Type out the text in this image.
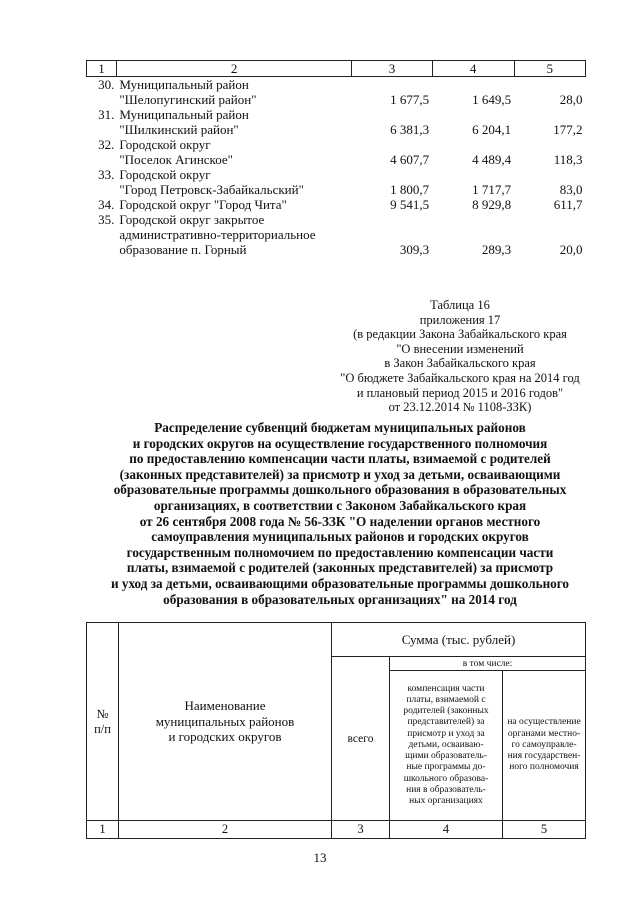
1	2	3	4	5
30.	Муниципальный район
"Шелопугинский район"	1 677,5	1 649,5	28,0
31.	Муниципальный район
"Шилкинский район"	6 381,3	6 204,1	177,2
32.	Городской округ
"Поселок Агинское"	4 607,7	4 489,4	118,3
33.	Городской округ
"Город Петровск-Забайкальский"	1 800,7	1 717,7	83,0
34.	Городской округ "Город Чита"	9 541,5	8 929,8	611,7
35.	Городской округ закрытое
административно-территориальное
образование п. Горный	309,3	289,3	20,0
Таблица 16
приложения 17
(в редакции Закона Забайкальского края
"О внесении изменений
в Закон Забайкальского края
"О бюджете Забайкальского края на 2014 год
и плановый период 2015 и 2016 годов"
от 23.12.2014 № 1108-ЗЗК)
Распределение субвенций бюджетам муниципальных районов
и городских округов на осуществление государственного полномочия
по предоставлению компенсации части платы, взимаемой с родителей
(законных представителей) за присмотр и уход за детьми, осваивающими
образовательные программы дошкольного образования в образовательных
организациях, в соответствии с Законом Забайкальского края
от 26 сентября 2008 года № 56-ЗЗК "О наделении органов местного
самоуправления муниципальных районов и городских округов
государственным полномочием по предоставлению компенсации части
платы, взимаемой с родителей (законных представителей) за присмотр
и уход за детьми, осваивающими образовательные программы дошкольного
образования в образовательных организациях" на 2014 год
№
п/п
Наименование
муниципальных районов
и городских округов
Сумма (тыс. рублей)
всего
в том числе:
компенсация части
платы, взимаемой с
родителей (законных
представителей) за
присмотр и уход за
детьми, осваиваю-
щими образователь-
ные программы до-
школьного образова-
ния в образователь-
ных организациях
на осуществление
органами местно-
го самоуправле-
ния государствен-
ного полномочия
1	2	3	4	5
13
